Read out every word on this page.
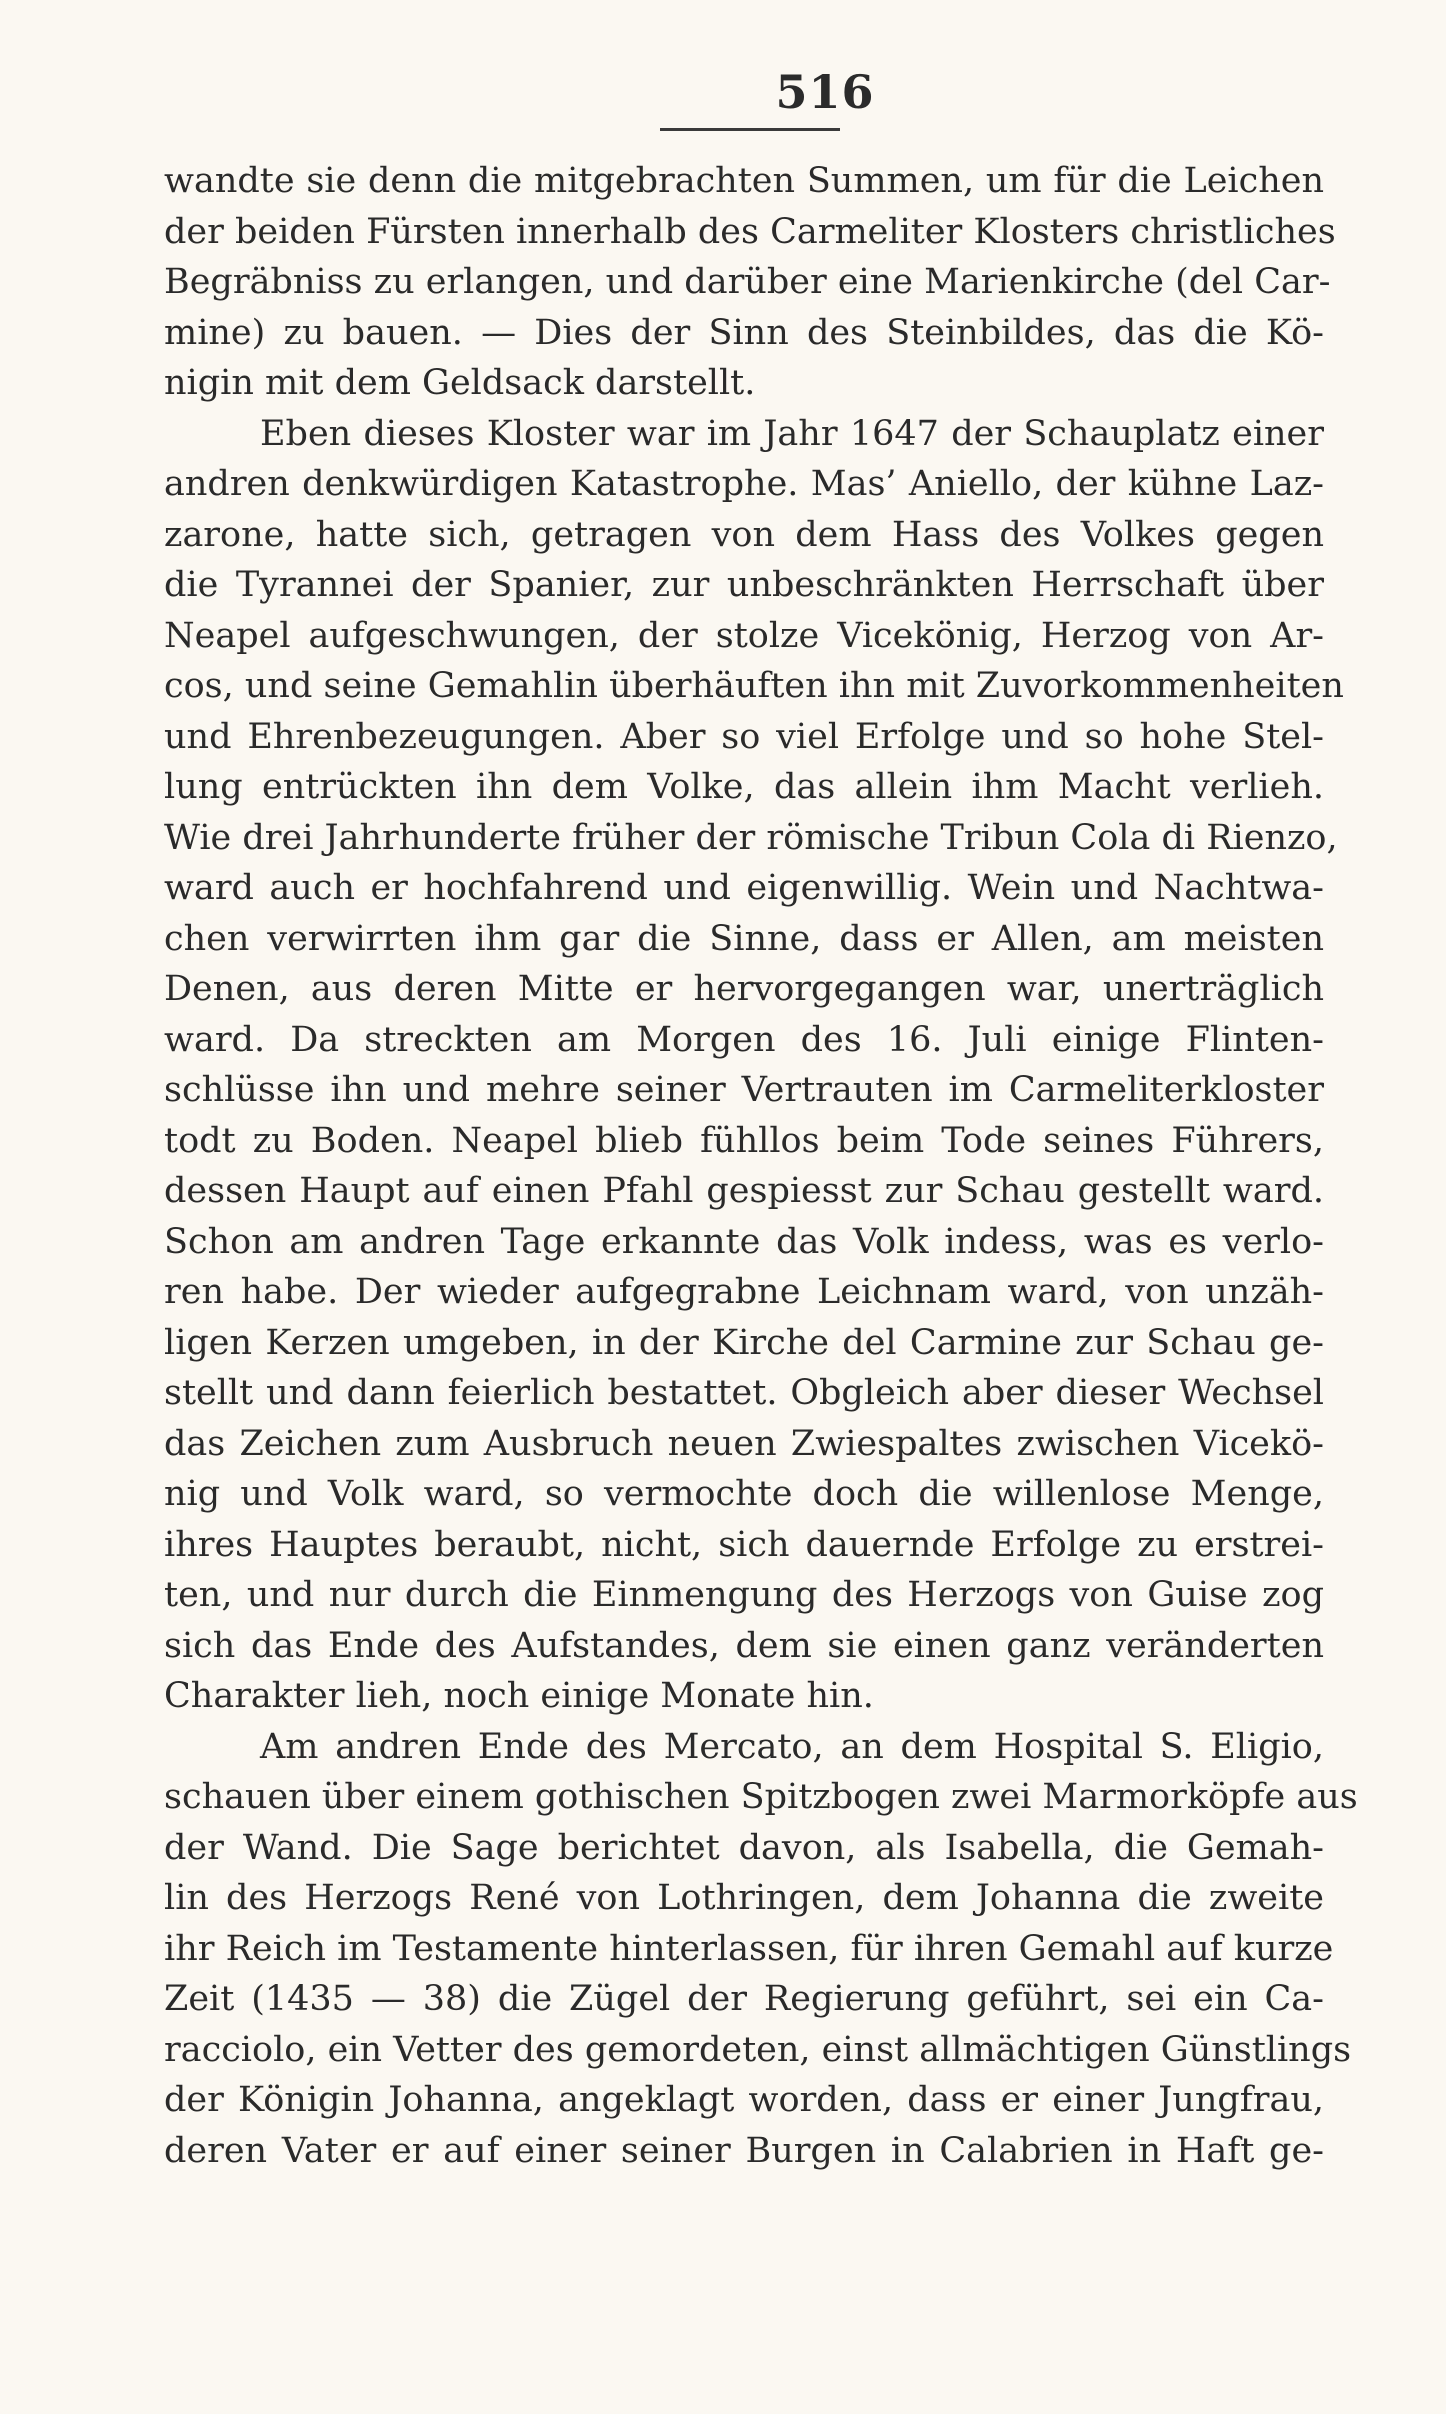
516
wandte sie denn die mitgebrachten Summen, um für die Leichen
der beiden Fürsten innerhalb des Carmeliter Klosters christliches
Begräbniss zu erlangen, und darüber eine Marienkirche (del Car-
mine) zu bauen. — Dies der Sinn des Steinbildes, das die Kö-
nigin mit dem Geldsack darstellt.
Eben dieses Kloster war im Jahr 1647 der Schauplatz einer
andren denkwürdigen Katastrophe. Mas’ Aniello, der kühne Laz-
zarone, hatte sich, getragen von dem Hass des Volkes gegen
die Tyrannei der Spanier, zur unbeschränkten Herrschaft über
Neapel aufgeschwungen, der stolze Vicekönig, Herzog von Ar-
cos, und seine Gemahlin überhäuften ihn mit Zuvorkommenheiten
und Ehrenbezeugungen. Aber so viel Erfolge und so hohe Stel-
lung entrückten ihn dem Volke, das allein ihm Macht verlieh.
Wie drei Jahrhunderte früher der römische Tribun Cola di Rienzo,
ward auch er hochfahrend und eigenwillig. Wein und Nachtwa-
chen verwirrten ihm gar die Sinne, dass er Allen, am meisten
Denen, aus deren Mitte er hervorgegangen war, unerträglich
ward. Da streckten am Morgen des 16. Juli einige Flinten-
schlüsse ihn und mehre seiner Vertrauten im Carmeliterkloster
todt zu Boden. Neapel blieb fühllos beim Tode seines Führers,
dessen Haupt auf einen Pfahl gespiesst zur Schau gestellt ward.
Schon am andren Tage erkannte das Volk indess, was es verlo-
ren habe. Der wieder aufgegrabne Leichnam ward, von unzäh-
ligen Kerzen umgeben, in der Kirche del Carmine zur Schau ge-
stellt und dann feierlich bestattet. Obgleich aber dieser Wechsel
das Zeichen zum Ausbruch neuen Zwiespaltes zwischen Vicekö-
nig und Volk ward, so vermochte doch die willenlose Menge,
ihres Hauptes beraubt, nicht, sich dauernde Erfolge zu erstrei-
ten, und nur durch die Einmengung des Herzogs von Guise zog
sich das Ende des Aufstandes, dem sie einen ganz veränderten
Charakter lieh, noch einige Monate hin.
Am andren Ende des Mercato, an dem Hospital S. Eligio,
schauen über einem gothischen Spitzbogen zwei Marmorköpfe aus
der Wand. Die Sage berichtet davon, als Isabella, die Gemah-
lin des Herzogs René von Lothringen, dem Johanna die zweite
ihr Reich im Testamente hinterlassen, für ihren Gemahl auf kurze
Zeit (1435 — 38) die Zügel der Regierung geführt, sei ein Ca-
racciolo, ein Vetter des gemordeten, einst allmächtigen Günstlings
der Königin Johanna, angeklagt worden, dass er einer Jungfrau,
deren Vater er auf einer seiner Burgen in Calabrien in Haft ge-
